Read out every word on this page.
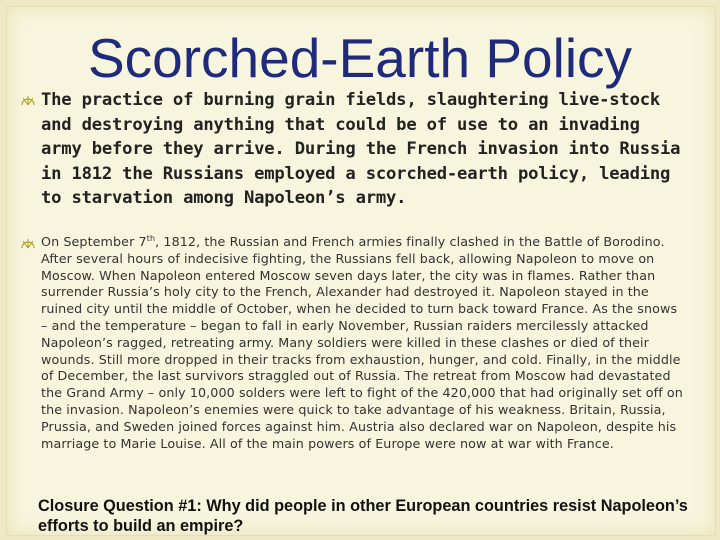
Scorched-Earth Policy
The practice of burning grain fields, slaughtering live-stock and destroying anything that could be of use to an invading army before they arrive. During the French invasion into Russia in 1812 the Russians employed a scorched-earth policy, leading to starvation among Napoleon’s army.
On September 7th, 1812, the Russian and French armies finally clashed in the Battle of Borodino. After several hours of indecisive fighting, the Russians fell back, allowing Napoleon to move on Moscow. When Napoleon entered Moscow seven days later, the city was in flames. Rather than surrender Russia’s holy city to the French, Alexander had destroyed it. Napoleon stayed in the ruined city until the middle of October, when he decided to turn back toward France. As the snows – and the temperature – began to fall in early November, Russian raiders mercilessly attacked Napoleon’s ragged, retreating army. Many soldiers were killed in these clashes or died of their wounds. Still more dropped in their tracks from exhaustion, hunger, and cold. Finally, in the middle of December, the last survivors straggled out of Russia. The retreat from Moscow had devastated the Grand Army – only 10,000 solders were left to fight of the 420,000 that had originally set off on the invasion. Napoleon’s enemies were quick to take advantage of his weakness. Britain, Russia, Prussia, and Sweden joined forces against him. Austria also declared war on Napoleon, despite his marriage to Marie Louise. All of the main powers of Europe were now at war with France.
Closure Question #1: Why did people in other European countries resist Napoleon’s efforts to build an empire?
